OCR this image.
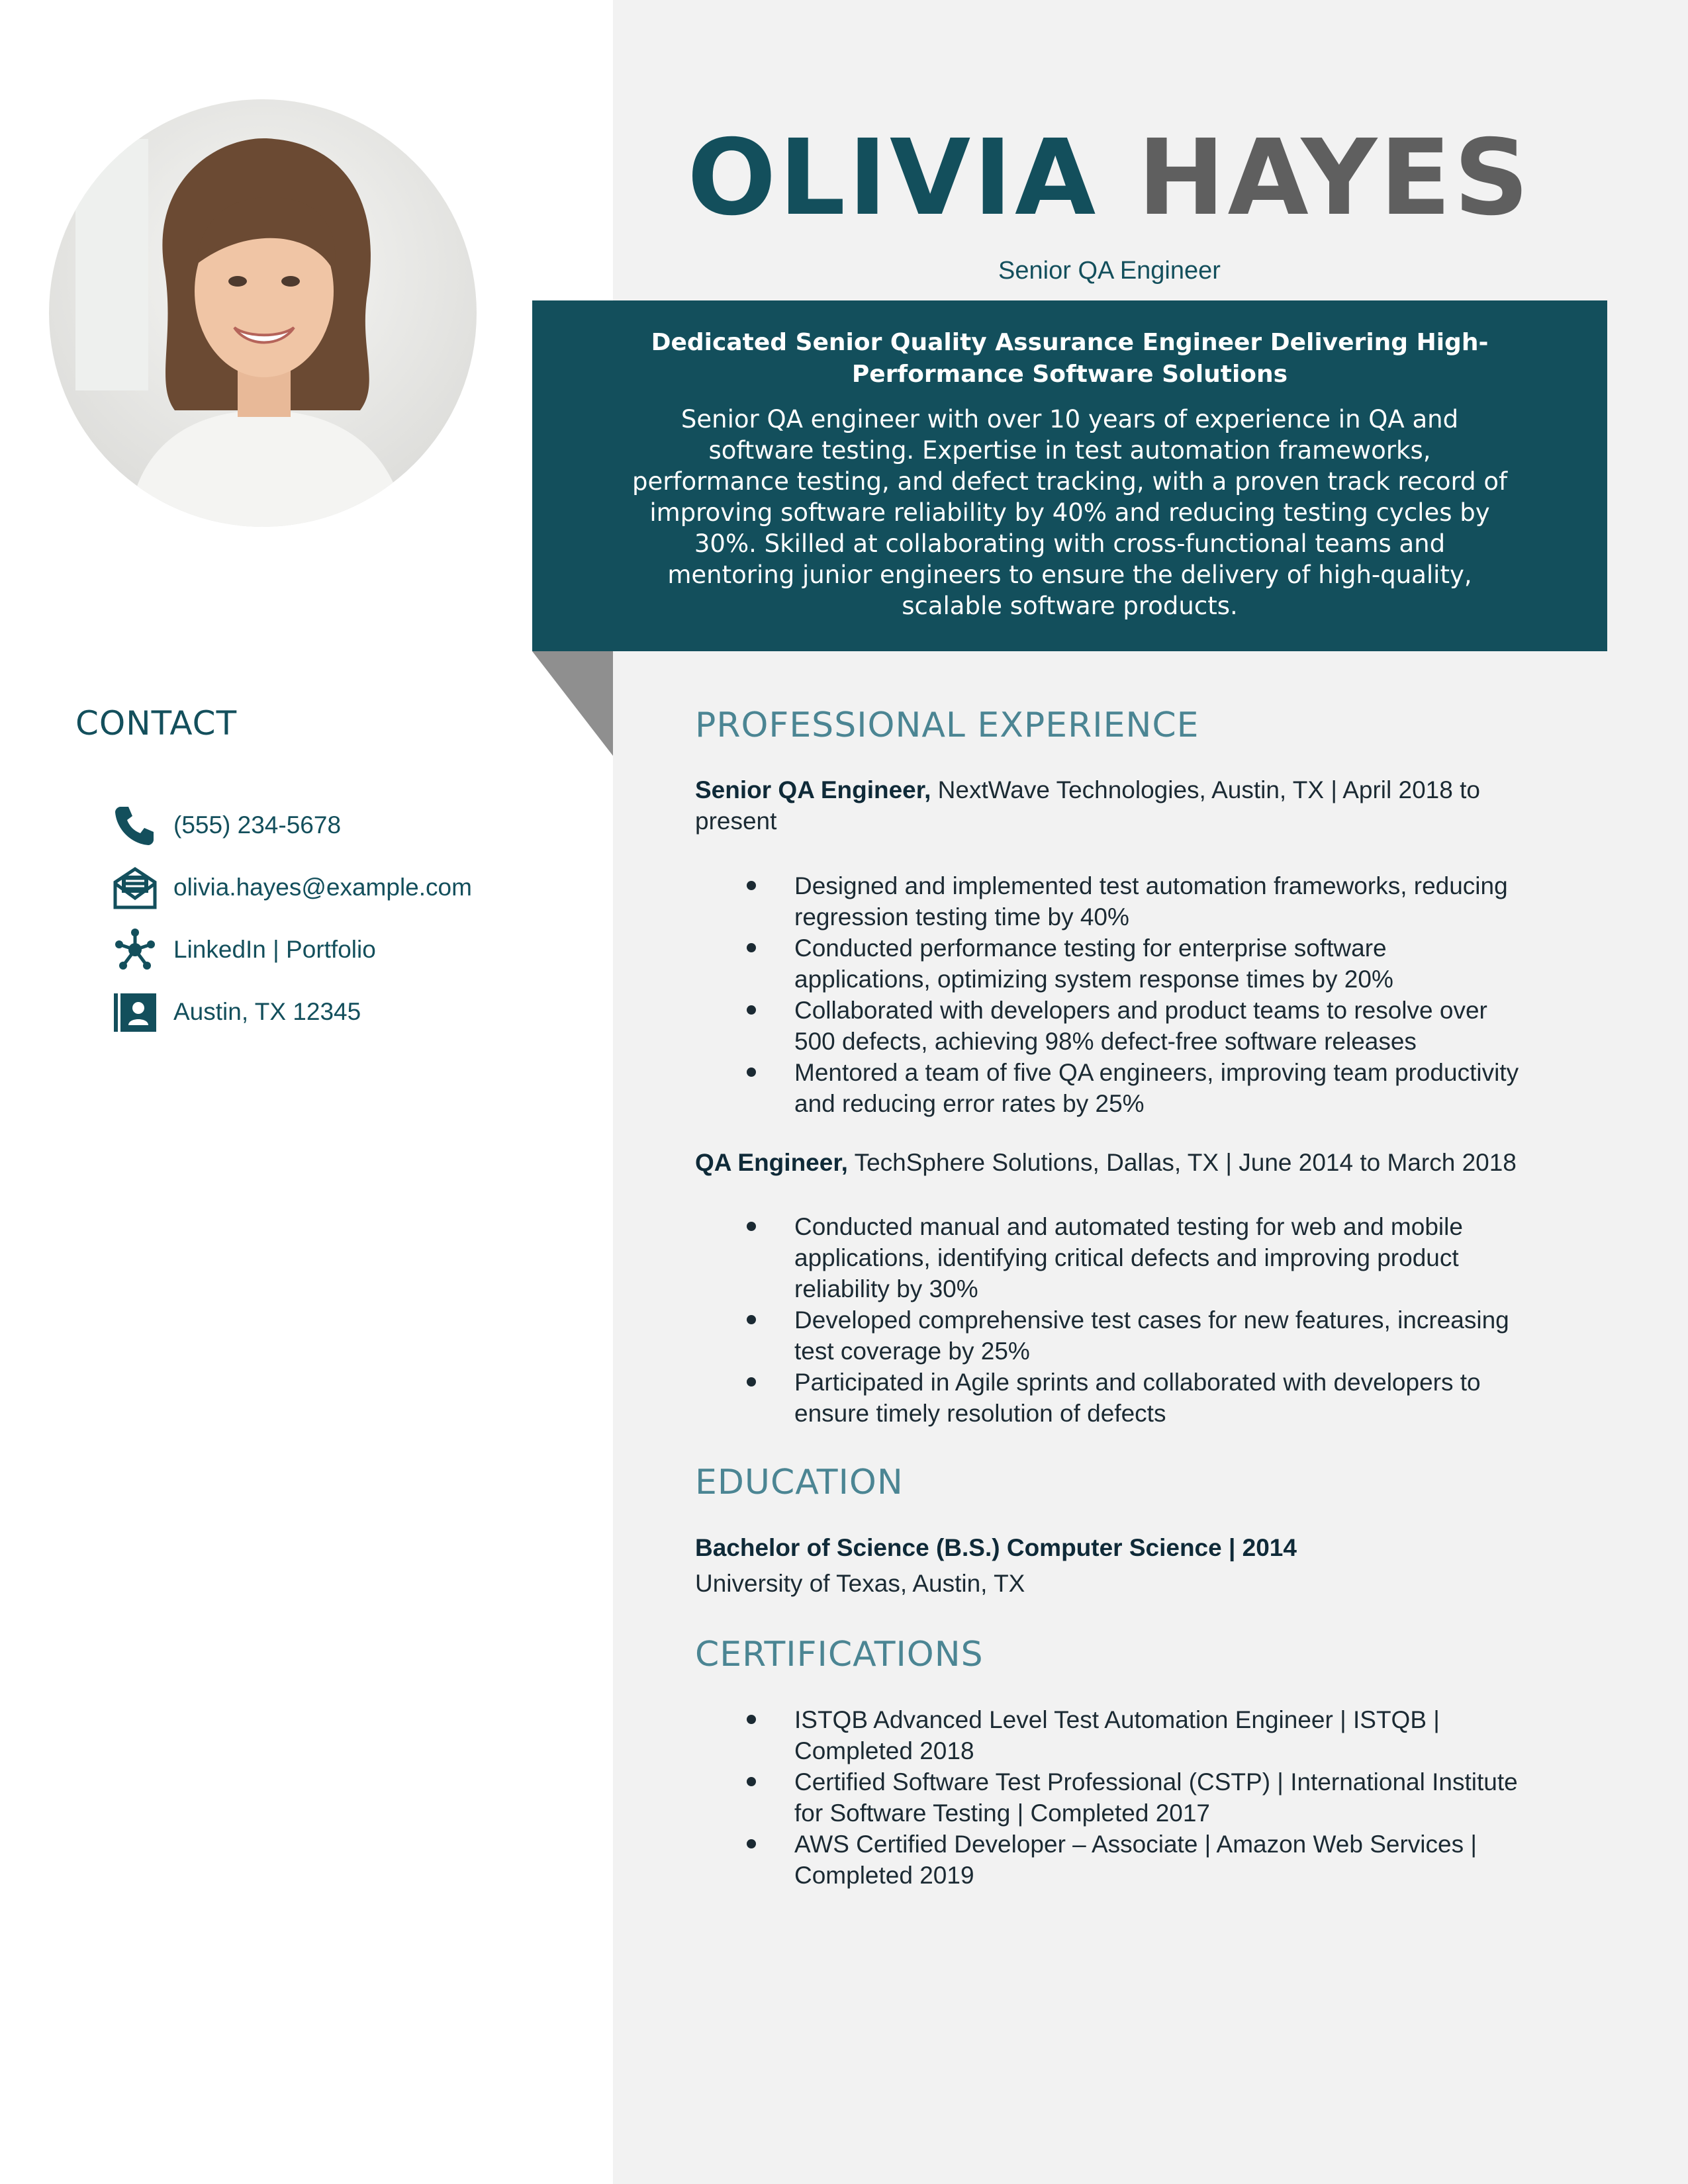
OLIVIA HAYES
Senior QA Engineer
Dedicated Senior Quality Assurance Engineer Delivering High-Performance Software Solutions
Senior QA engineer with over 10 years of experience in QA and software testing. Expertise in test automation frameworks, performance testing, and defect tracking, with a proven track record of improving software reliability by 40% and reducing testing cycles by 30%. Skilled at collaborating with cross-functional teams and mentoring junior engineers to ensure the delivery of high-quality, scalable software products.
CONTACT
(555) 234-5678
olivia.hayes@example.com
LinkedIn | Portfolio
Austin, TX 12345
PROFESSIONAL EXPERIENCE
Senior QA Engineer, NextWave Technologies, Austin, TX | April 2018 to present
Designed and implemented test automation frameworks, reducing regression testing time by 40%
Conducted performance testing for enterprise software applications, optimizing system response times by 20%
Collaborated with developers and product teams to resolve over 500 defects, achieving 98% defect-free software releases
Mentored a team of five QA engineers, improving team productivity and reducing error rates by 25%
QA Engineer, TechSphere Solutions, Dallas, TX | June 2014 to March 2018
Conducted manual and automated testing for web and mobile applications, identifying critical defects and improving product reliability by 30%
Developed comprehensive test cases for new features, increasing test coverage by 25%
Participated in Agile sprints and collaborated with developers to ensure timely resolution of defects
EDUCATION
Bachelor of Science (B.S.) Computer Science | 2014
University of Texas, Austin, TX
CERTIFICATIONS
ISTQB Advanced Level Test Automation Engineer | ISTQB | Completed 2018
Certified Software Test Professional (CSTP) | International Institute for Software Testing | Completed 2017
AWS Certified Developer – Associate | Amazon Web Services | Completed 2019
